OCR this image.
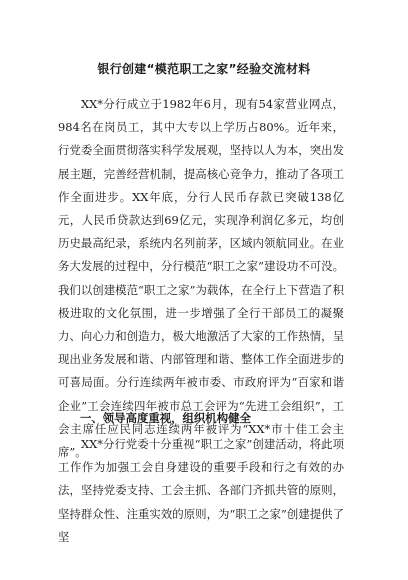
银行创建“模范职工之家”经验交流材料

XX*分行成立于1982年6月，现有54家营业网点，984名在岗员工，其中大专以上学历占80%。近年来，行党委全面贯彻落实科学发展观，坚持以人为本，突出发展主题，完善经营机制，提高核心竞争力，推动了各项工作全面进步。XX年底，分行人民币存款已突破138亿元，人民币贷款达到69亿元，实现净利润亿多元，均创历史最高纪录，系统内名列前茅，区域内领航同业。在业务大发展的过程中，分行模范“职工之家”建设功不可没。我们以创建模范“职工之家”为载体，在全行上下营造了积极进取的文化氛围，进一步增强了全行干部员工的凝聚力、向心力和创造力，极大地激活了大家的工作热情，呈现出业务发展和谐、内部管理和谐、整体工作全面进步的可喜局面。分行连续两年被市委、市政府评为“百家和谐企业”工会连续四年被市总工会评为“先进工会组织”，工会主席任应民同志连续两年被评为“XX*市十佳工会主席”。

一、领导高度重视，组织机构健全

XX*分行党委十分重视“职工之家”创建活动，将此项工作作为加强工会自身建设的重要手段和行之有效的办法，坚持党委支持、工会主抓、各部门齐抓共管的原则，坚持群众性、注重实效的原则，为“职工之家”创建提供了坚
